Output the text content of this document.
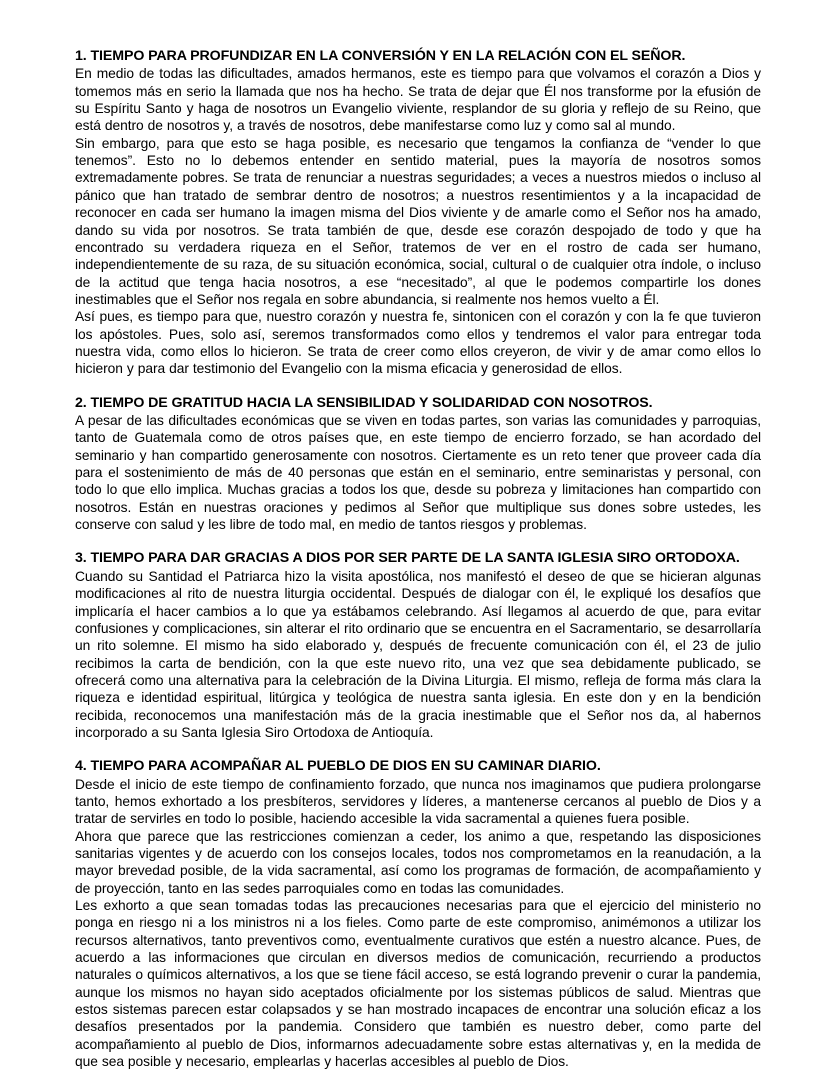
1. TIEMPO PARA PROFUNDIZAR EN LA CONVERSIÓN Y EN LA RELACIÓN CON EL SEÑOR.

En medio de todas las dificultades, amados hermanos, este es tiempo para que volvamos el corazón a Dios y tomemos más en serio la llamada que nos ha hecho. Se trata de dejar que Él nos transforme por la efusión de su Espíritu Santo y haga de nosotros un Evangelio viviente, resplandor de su gloria y reflejo de su Reino, que está dentro de nosotros y, a través de nosotros, debe manifestarse como luz y como sal al mundo.

Sin embargo, para que esto se haga posible, es necesario que tengamos la confianza de “vender lo que tenemos”. Esto no lo debemos entender en sentido material, pues la mayoría de nosotros somos extremadamente pobres. Se trata de renunciar a nuestras seguridades; a veces a nuestros miedos o incluso al pánico que han tratado de sembrar dentro de nosotros; a nuestros resentimientos y a la incapacidad de reconocer en cada ser humano la imagen misma del Dios viviente y de amarle como el Señor nos ha amado, dando su vida por nosotros. Se trata también de que, desde ese corazón despojado de todo y que ha encontrado su verdadera riqueza en el Señor, tratemos de ver en el rostro de cada ser humano, independientemente de su raza, de su situación económica, social, cultural o de cualquier otra índole, o incluso de la actitud que tenga hacia nosotros, a ese “necesitado”, al que le podemos compartirle los dones inestimables que el Señor nos regala en sobre abundancia, si realmente nos hemos vuelto a Él.

Así pues, es tiempo para que, nuestro corazón y nuestra fe, sintonicen con el corazón y con la fe que tuvieron los apóstoles. Pues, solo así, seremos transformados como ellos y tendremos el valor para entregar toda nuestra vida, como ellos lo hicieron. Se trata de creer como ellos creyeron, de vivir y de amar como ellos lo hicieron y para dar testimonio del Evangelio con la misma eficacia y generosidad de ellos.

2. TIEMPO DE GRATITUD HACIA LA SENSIBILIDAD Y SOLIDARIDAD CON NOSOTROS.

A pesar de las dificultades económicas que se viven en todas partes, son varias las comunidades y parroquias, tanto de Guatemala como de otros países que, en este tiempo de encierro forzado, se han acordado del seminario y han compartido generosamente con nosotros. Ciertamente es un reto tener que proveer cada día para el sostenimiento de más de 40 personas que están en el seminario, entre seminaristas y personal, con todo lo que ello implica. Muchas gracias a todos los que, desde su pobreza y limitaciones han compartido con nosotros. Están en nuestras oraciones y pedimos al Señor que multiplique sus dones sobre ustedes, les conserve con salud y les libre de todo mal, en medio de tantos riesgos y problemas.

3. TIEMPO PARA DAR GRACIAS A DIOS POR SER PARTE DE LA SANTA IGLESIA SIRO ORTODOXA.

Cuando su Santidad el Patriarca hizo la visita apostólica, nos manifestó el deseo de que se hicieran algunas modificaciones al rito de nuestra liturgia occidental. Después de dialogar con él, le expliqué los desafíos que implicaría el hacer cambios a lo que ya estábamos celebrando. Así llegamos al acuerdo de que, para evitar confusiones y complicaciones, sin alterar el rito ordinario que se encuentra en el Sacramentario, se desarrollaría un rito solemne. El mismo ha sido elaborado y, después de frecuente comunicación con él, el 23 de julio recibimos la carta de bendición, con la que este nuevo rito, una vez que sea debidamente publicado, se ofrecerá como una alternativa para la celebración de la Divina Liturgia. El mismo, refleja de forma más clara la riqueza e identidad espiritual, litúrgica y teológica de nuestra santa iglesia. En este don y en la bendición recibida, reconocemos una manifestación más de la gracia inestimable que el Señor nos da, al habernos incorporado a su Santa Iglesia Siro Ortodoxa de Antioquía.

4. TIEMPO PARA ACOMPAÑAR AL PUEBLO DE DIOS EN SU CAMINAR DIARIO.

Desde el inicio de este tiempo de confinamiento forzado, que nunca nos imaginamos que pudiera prolongarse tanto, hemos exhortado a los presbíteros, servidores y líderes, a mantenerse cercanos al pueblo de Dios y a tratar de servirles en todo lo posible, haciendo accesible la vida sacramental a quienes fuera posible.

Ahora que parece que las restricciones comienzan a ceder, los animo a que, respetando las disposiciones sanitarias vigentes y de acuerdo con los consejos locales, todos nos comprometamos en la reanudación, a la mayor brevedad posible, de la vida sacramental, así como los programas de formación, de acompañamiento y de proyección, tanto en las sedes parroquiales como en todas las comunidades.

Les exhorto a que sean tomadas todas las precauciones necesarias para que el ejercicio del ministerio no ponga en riesgo ni a los ministros ni a los fieles. Como parte de este compromiso, animémonos a utilizar los recursos alternativos, tanto preventivos como, eventualmente curativos que estén a nuestro alcance. Pues, de acuerdo a las informaciones que circulan en diversos medios de comunicación, recurriendo a productos naturales o químicos alternativos, a los que se tiene fácil acceso, se está logrando prevenir o curar la pandemia, aunque los mismos no hayan sido aceptados oficialmente por los sistemas públicos de salud. Mientras que estos sistemas parecen estar colapsados y se han mostrado incapaces de encontrar una solución eficaz a los desafíos presentados por la pandemia. Considero que también es nuestro deber, como parte del acompañamiento al pueblo de Dios, informarnos adecuadamente sobre estas alternativas y, en la medida de que sea posible y necesario, emplearlas y hacerlas accesibles al pueblo de Dios.
